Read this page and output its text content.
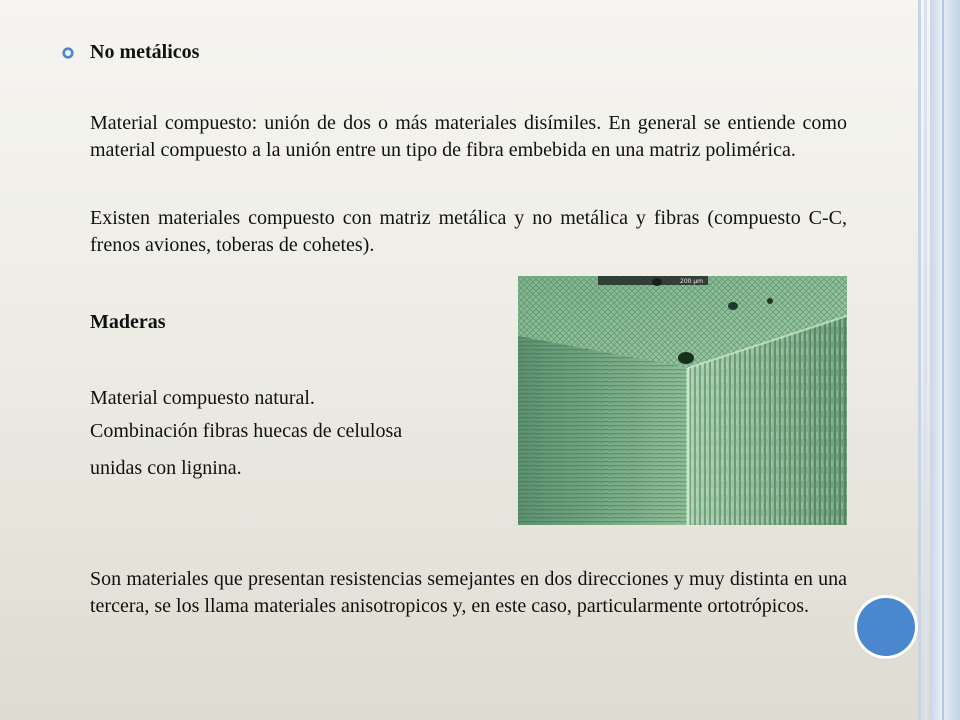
No metálicos

Material compuesto: unión de dos o más materiales disímiles. En general se entiende como material compuesto a la unión entre un tipo de fibra embebida en una matriz polimérica.

Existen materiales compuesto con matriz metálica y no metálica y fibras (compuesto C-C, frenos aviones, toberas de cohetes).

Maderas

Material compuesto natural.

Combinación fibras huecas de celulosa

unidas con lignina.

200 µm

Son materiales que presentan resistencias semejantes en dos direcciones y muy distinta en una tercera, se los llama materiales anisotropicos y, en este caso, particularmente ortotrópicos.
